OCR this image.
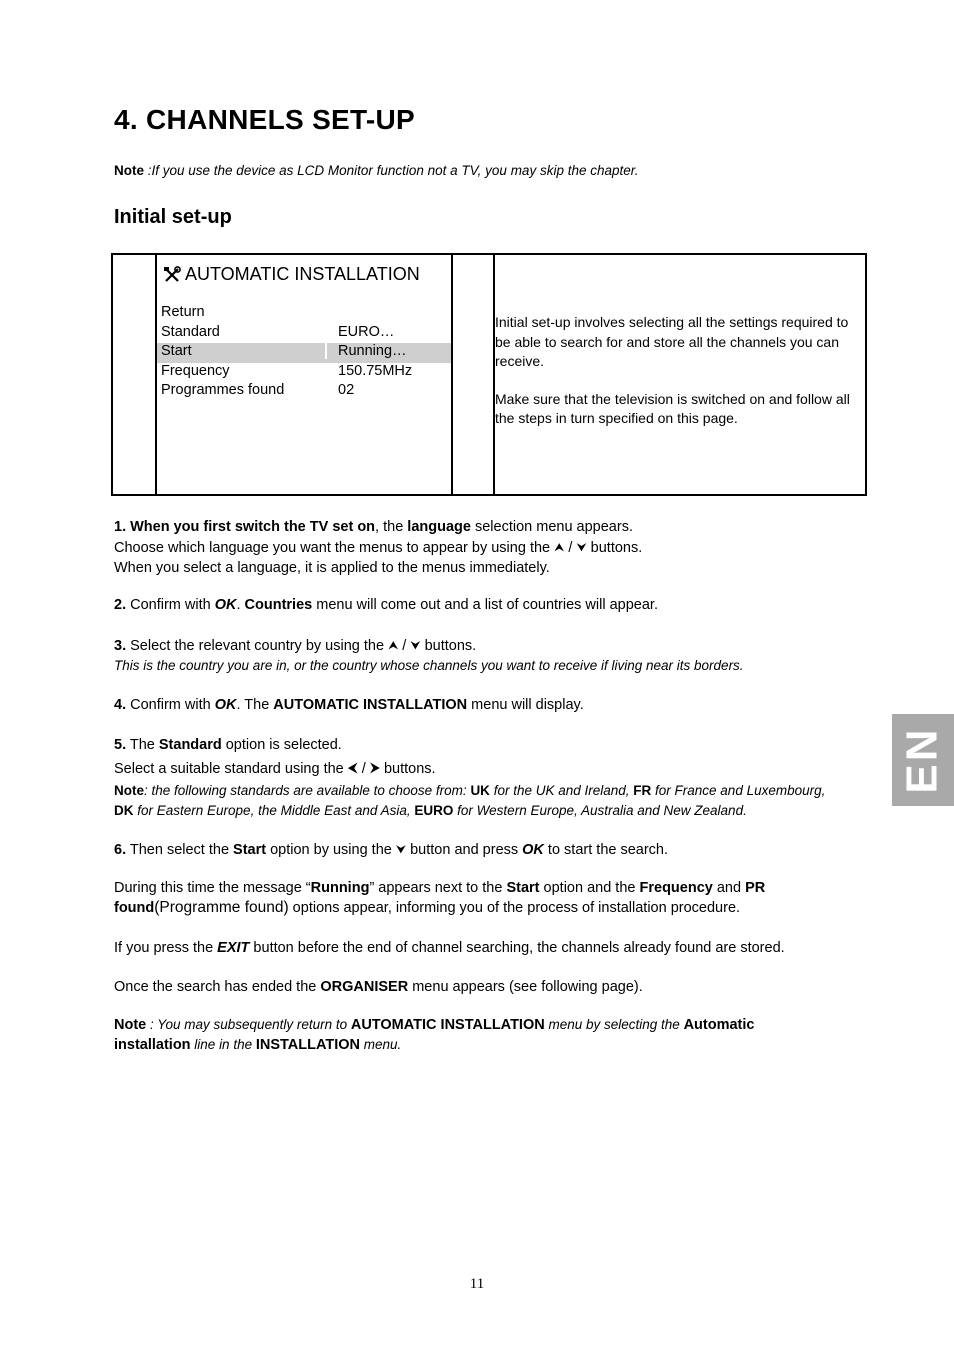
4. CHANNELS SET-UP
Note :If you use the device as LCD Monitor function not a TV, you may skip the chapter.
Initial set-up
AUTOMATIC INSTALLATION
Return
Standard	EURO…
Start	Running…
Frequency	150.75MHz
Programmes found	02

Initial set-up involves selecting all the settings required to be able to search for and store all the channels you can receive.

Make sure that the television is switched on and follow all the steps in turn specified on this page.

1. When you first switch the TV set on, the language selection menu appears.
Choose which language you want the menus to appear by using the ⮝ / ⮟ buttons.
When you select a language, it is applied to the menus immediately.
2. Confirm with OK. Countries menu will come out and a list of countries will appear.
3. Select the relevant country by using the ⮝ / ⮟ buttons.
This is the country you are in, or the country whose channels you want to receive if living near its borders.
4. Confirm with OK. The AUTOMATIC INSTALLATION menu will display.
5. The Standard option is selected.
Select a suitable standard using the ⮜ / ⮞ buttons.
Note: the following standards are available to choose from: UK for the UK and Ireland, FR for France and Luxembourg,
DK for Eastern Europe, the Middle East and Asia, EURO for Western Europe, Australia and New Zealand.
6. Then select the Start option by using the ⮟ button and press OK to start the search.
During this time the message “Running” appears next to the Start option and the Frequency and PR
found(Programme found) options appear, informing you of the process of installation procedure.
If you press the EXIT button before the end of channel searching, the channels already found are stored.
Once the search has ended the ORGANISER menu appears (see following page).
Note : You may subsequently return to AUTOMATIC INSTALLATION menu by selecting the Automatic
installation line in the INSTALLATION menu.
EN
11
